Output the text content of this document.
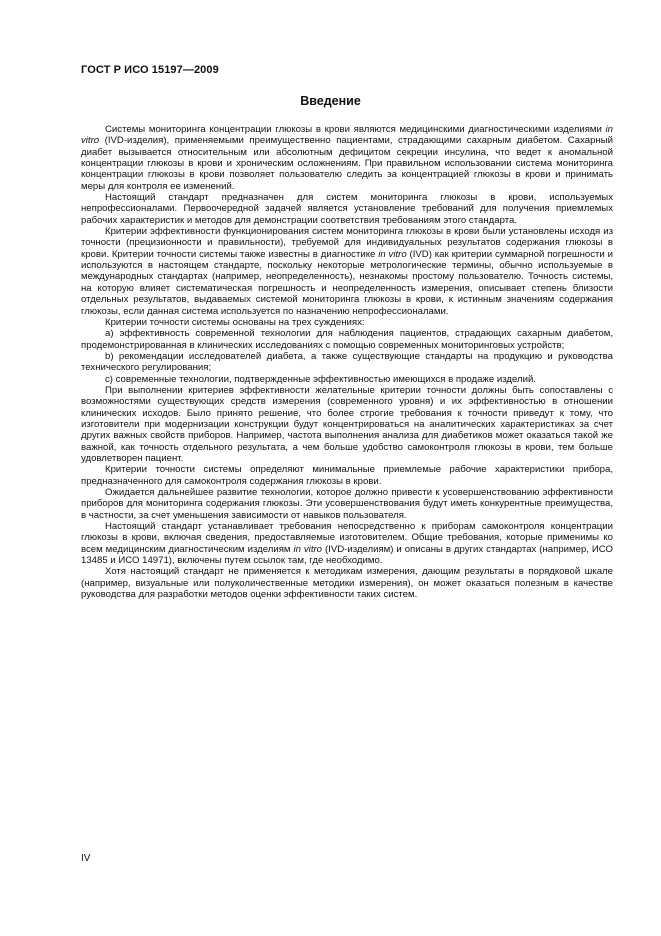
ГОСТ Р ИСО 15197—2009
Введение

Системы мониторинга концентрации глюкозы в крови являются медицинскими диагностическими изделиями in vitro (IVD-изделия), применяемыми преимущественно пациентами, страдающими сахарным диабетом. Сахарный диабет вызывается относительным или абсолютным дефицитом секреции инсулина, что ведет к аномальной концентрации глюкозы в крови и хроническим осложнениям. При правильном использовании система мониторинга концентрации глюкозы в крови позволяет пользователю следить за концентрацией глюкозы в крови и принимать меры для контроля ее изменений.

Настоящий стандарт предназначен для систем мониторинга глюкозы в крови, используемых непрофессионалами. Первоочередной задачей является установление требований для получения приемлемых рабочих характеристик и методов для демонстрации соответствия требованиям этого стандарта.

Критерии эффективности функционирования систем мониторинга глюкозы в крови были установлены исходя из точности (прецизионности и правильности), требуемой для индивидуальных результатов содержания глюкозы в крови. Критерии точности системы также известны в диагностике in vitro (IVD) как критерии суммарной погрешности и используются в настоящем стандарте, поскольку некоторые метрологические термины, обычно используемые в международных стандартах (например, неопределенность), незнакомы простому пользователю. Точность системы, на которую влияет систематическая погрешность и неопределенность измерения, описывает степень близости отдельных результатов, выдаваемых системой мониторинга глюкозы в крови, к истинным значениям содержания глюкозы, если данная система используется по назначению непрофессионалами.

Критерии точности системы основаны на трех суждениях:

а) эффективность современной технологии для наблюдения пациентов, страдающих сахарным диабетом, продемонстрированная в клинических исследованиях с помощью современных мониторинговых устройств;

b) рекомендации исследователей диабета, а также существующие стандарты на продукцию и руководства технического регулирования;

с) современные технологии, подтвержденные эффективностью имеющихся в продаже изделий.

При выполнении критериев эффективности желательные критерии точности должны быть сопоставлены с возможностями существующих средств измерения (современного уровня) и их эффективностью в отношении клинических исходов. Было принято решение, что более строгие требования к точности приведут к тому, что изготовители при модернизации конструкции будут концентрироваться на аналитических характеристиках за счет других важных свойств приборов. Например, частота выполнения анализа для диабетиков может оказаться такой же важной, как точность отдельного результата, а чем больше удобство самоконтроля глюкозы в крови, тем больше удовлетворен пациент.

Критерии точности системы определяют минимальные приемлемые рабочие характеристики прибора, предназначенного для самоконтроля содержания глюкозы в крови.

Ожидается дальнейшее развитие технологии, которое должно привести к усовершенствованию эффективности приборов для мониторинга содержания глюкозы. Эти усовершенствования будут иметь конкурентные преимущества, в частности, за счет уменьшения зависимости от навыков пользователя.

Настоящий стандарт устанавливает требования непосредственно к приборам самоконтроля концентрации глюкозы в крови, включая сведения, предоставляемые изготовителем. Общие требования, которые применимы ко всем медицинским диагностическим изделиям in vitro (IVD-изделиям) и описаны в других стандартах (например, ИСО 13485 и ИСО 14971), включены путем ссылок там, где необходимо.

Хотя настоящий стандарт не применяется к методикам измерения, дающим результаты в порядковой шкале (например, визуальные или полуколичественные методики измерения), он может оказаться полезным в качестве руководства для разработки методов оценки эффективности таких систем.

IV
